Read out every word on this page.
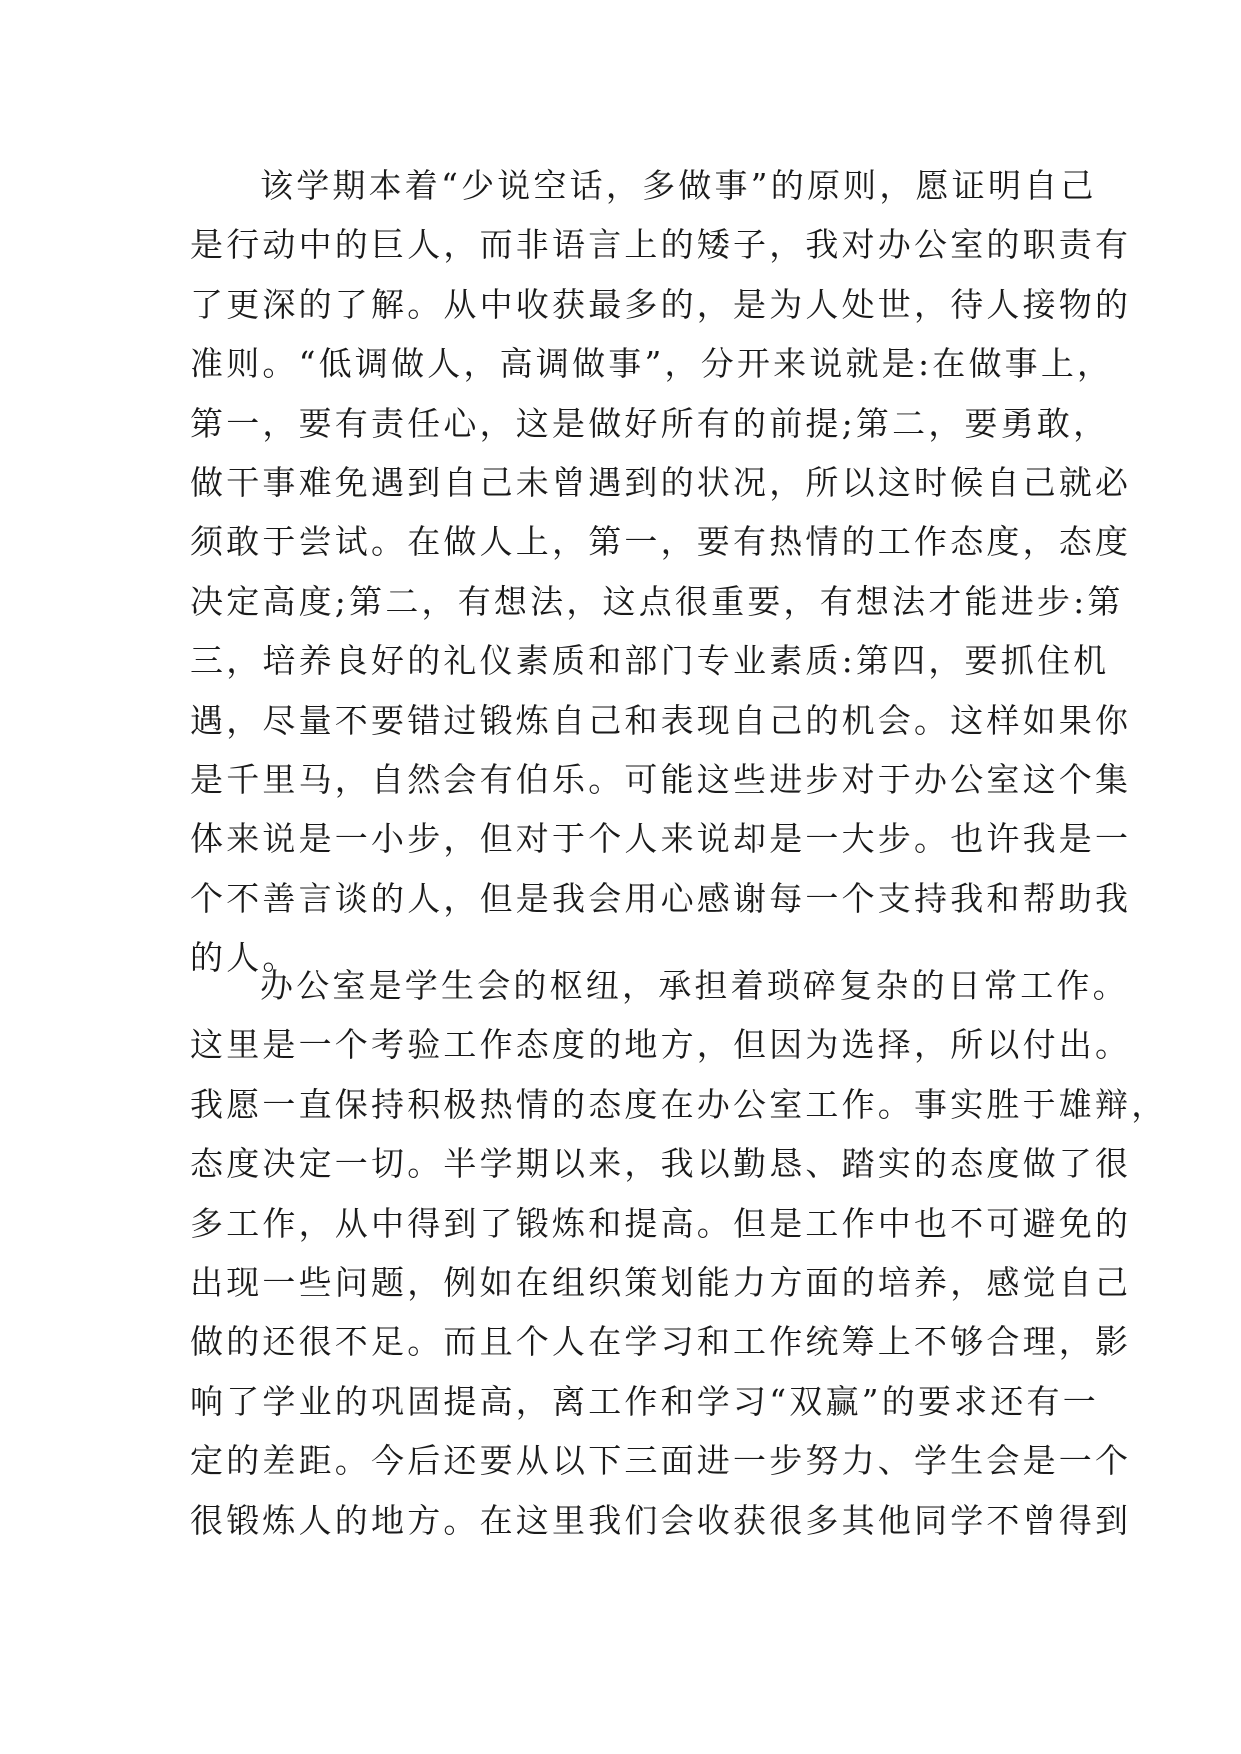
该学期本着“少说空话，多做事”的原则，愿证明自己
是行动中的巨人，而非语言上的矮子，我对办公室的职责有
了更深的了解。从中收获最多的，是为人处世，待人接物的
准则。“低调做人，高调做事”，分开来说就是:在做事上，
第一，要有责任心，这是做好所有的前提;第二，要勇敢，
做干事难免遇到自己未曾遇到的状况，所以这时候自己就必
须敢于尝试。在做人上，第一，要有热情的工作态度，态度
决定高度;第二，有想法，这点很重要，有想法才能进步:第
三，培养良好的礼仪素质和部门专业素质:第四，要抓住机
遇，尽量不要错过锻炼自己和表现自己的机会。这样如果你
是千里马，自然会有伯乐。可能这些进步对于办公室这个集
体来说是一小步，但对于个人来说却是一大步。也许我是一
个不善言谈的人，但是我会用心感谢每一个支持我和帮助我
的人。
办公室是学生会的枢纽，承担着琐碎复杂的日常工作。
这里是一个考验工作态度的地方，但因为选择，所以付出。
我愿一直保持积极热情的态度在办公室工作。事实胜于雄辩，
态度决定一切。半学期以来，我以勤恳、踏实的态度做了很
多工作，从中得到了锻炼和提高。但是工作中也不可避免的
出现一些问题，例如在组织策划能力方面的培养，感觉自己
做的还很不足。而且个人在学习和工作统筹上不够合理，影
响了学业的巩固提高，离工作和学习“双赢”的要求还有一
定的差距。今后还要从以下三面进一步努力、学生会是一个
很锻炼人的地方。在这里我们会收获很多其他同学不曾得到
